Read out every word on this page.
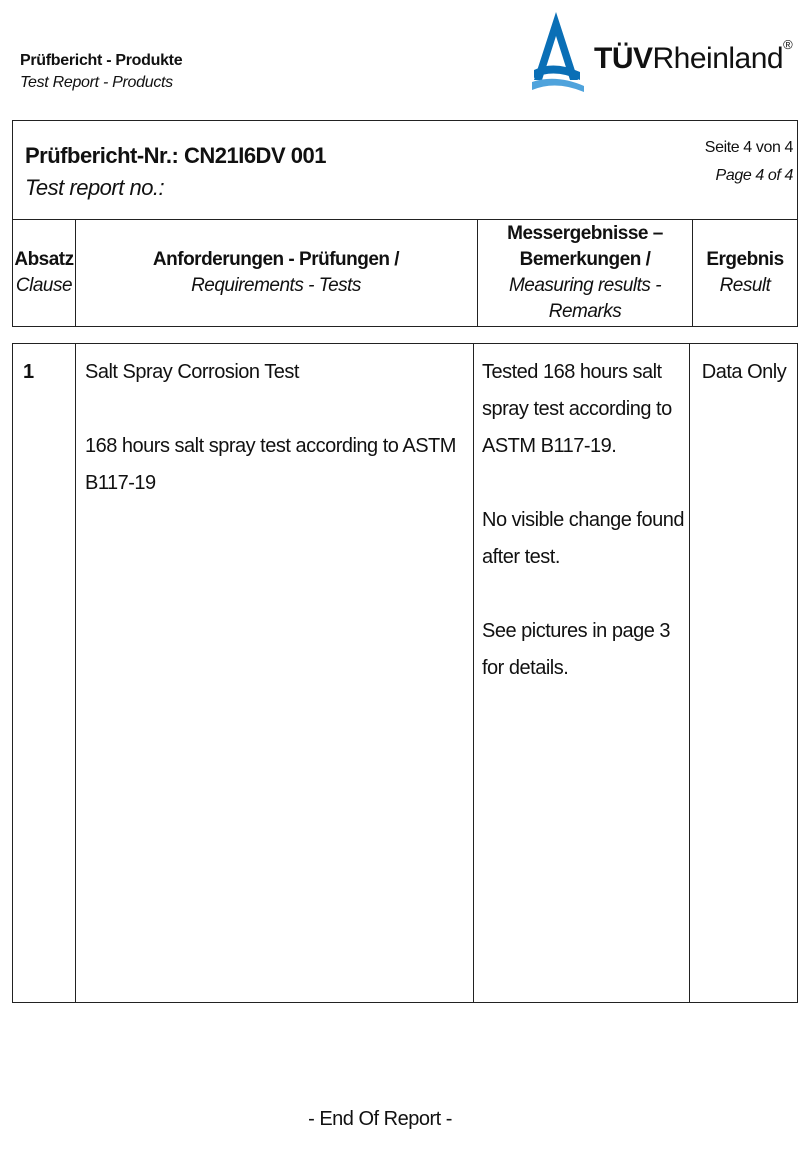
Prüfbericht - Produkte
Test Report - Products
TÜVRheinland®
Prüfbericht-Nr.: CN21I6DV 001
Test report no.:
Seite 4 von 4
Page 4 of 4
Absatz
Clause
Anforderungen - Prüfungen /
Requirements - Tests
Messergebnisse –
Bemerkungen /
Measuring results - Remarks
Ergebnis
Result
1	Salt Spray Corrosion Test

168 hours salt spray test according to ASTM B117-19

Tested 168 hours salt spray test according to ASTM B117-19.

No visible change found after test.

See pictures in page 3 for details.

Data Only
- End Of Report -
